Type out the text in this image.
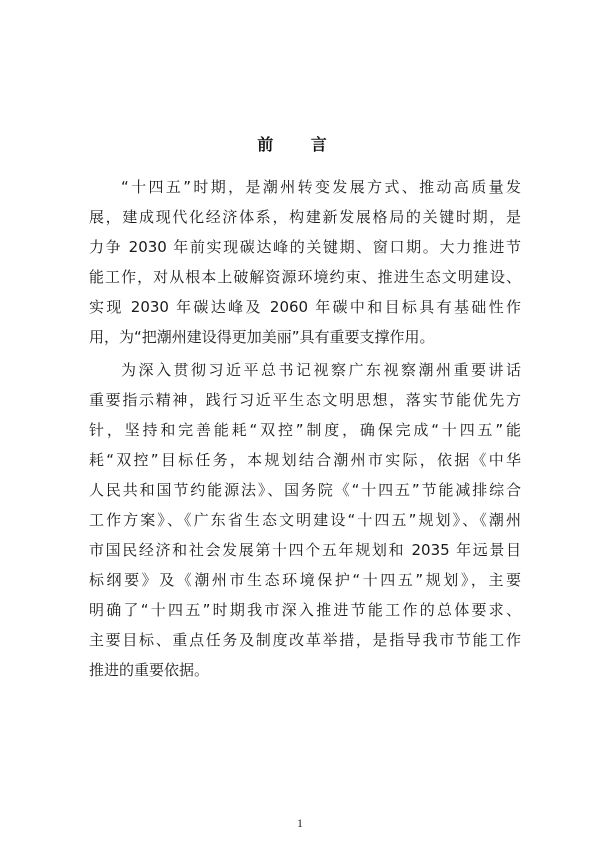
前 言
“十四五”时期，是潮州转变发展方式、推动高质量发
展，建成现代化经济体系，构建新发展格局的关键时期，是
力争 2030 年前实现碳达峰的关键期、窗口期。大力推进节
能工作，对从根本上破解资源环境约束、推进生态文明建设、
实现 2030 年碳达峰及 2060 年碳中和目标具有基础性作
用，为“把潮州建设得更加美丽”具有重要支撑作用。
为深入贯彻习近平总书记视察广东视察潮州重要讲话
重要指示精神，践行习近平生态文明思想，落实节能优先方
针，坚持和完善能耗“双控”制度，确保完成“十四五”能
耗“双控”目标任务，本规划结合潮州市实际，依据《中华
人民共和国节约能源法》、国务院《“十四五”节能减排综合
工作方案》、《广东省生态文明建设“十四五”规划》、《潮州
市国民经济和社会发展第十四个五年规划和 2035 年远景目
标纲要》及《潮州市生态环境保护“十四五”规划》，主要
明确了“十四五”时期我市深入推进节能工作的总体要求、
主要目标、重点任务及制度改革举措，是指导我市节能工作
推进的重要依据。
1
